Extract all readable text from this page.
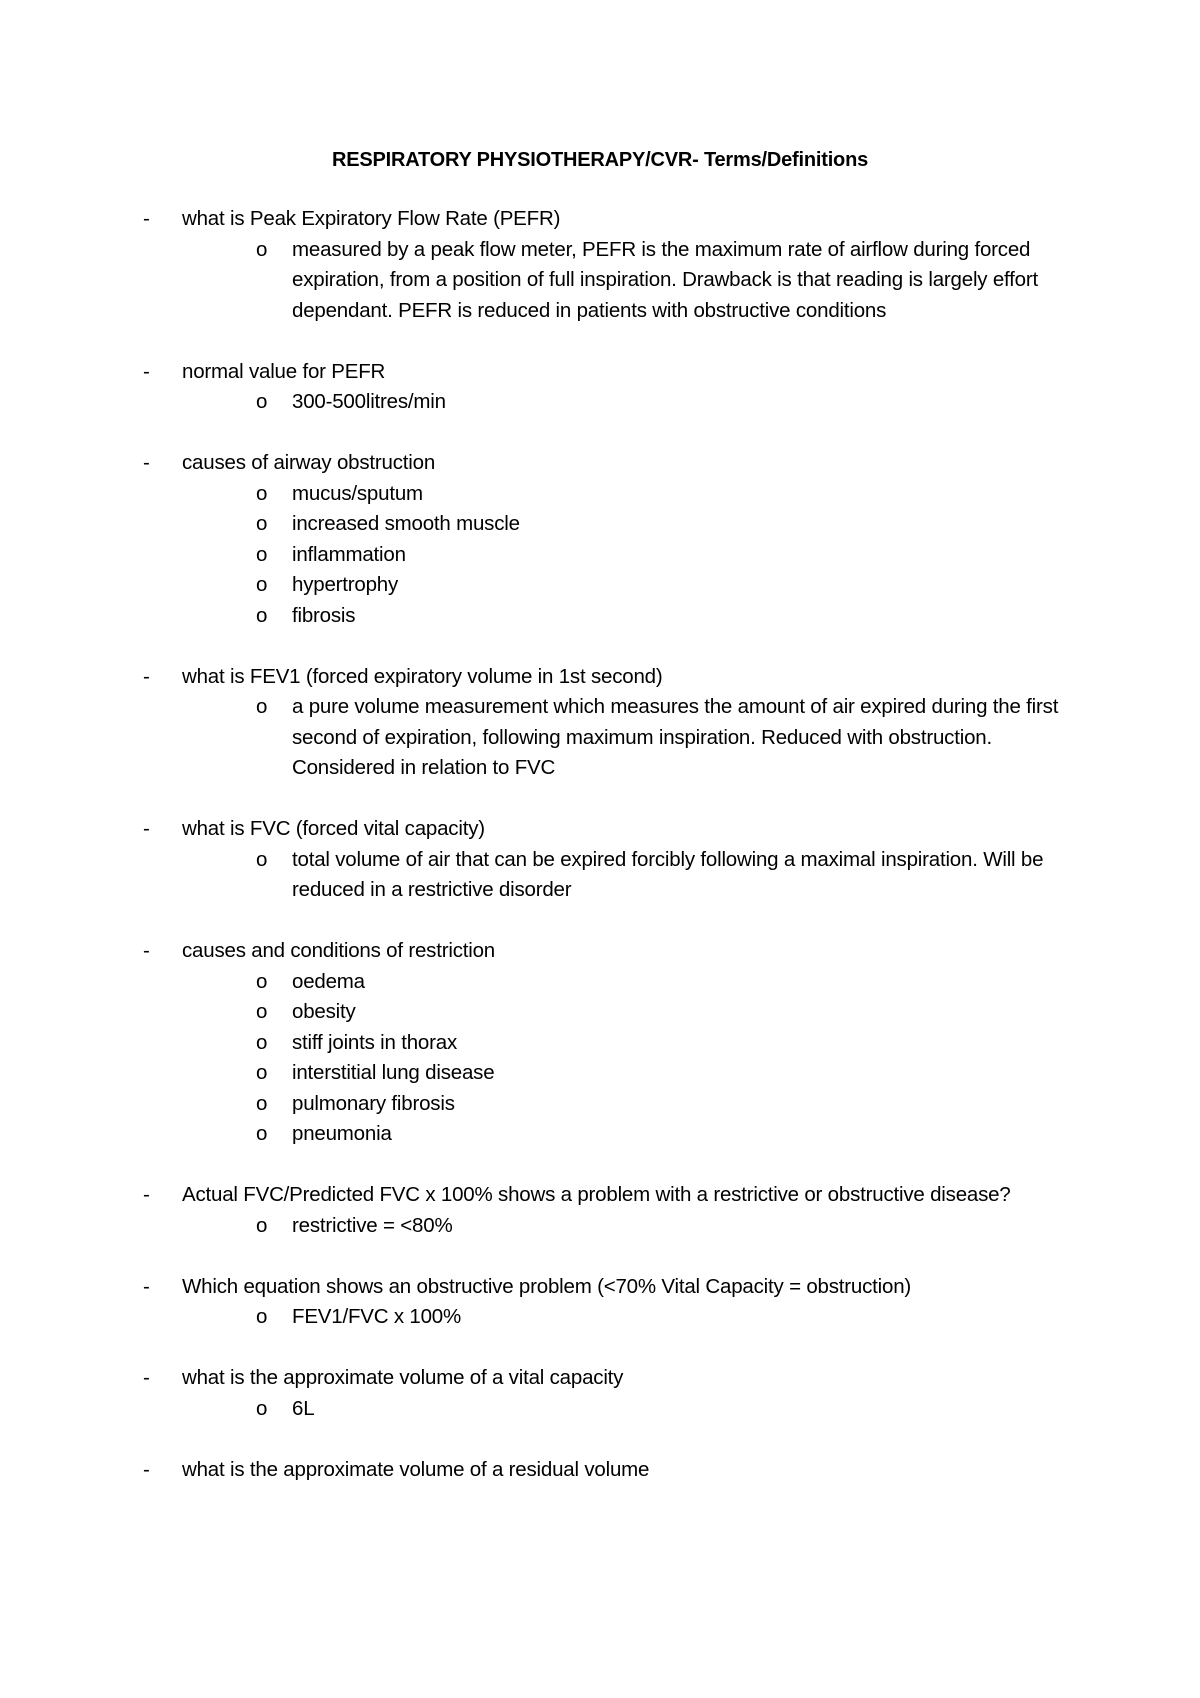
RESPIRATORY PHYSIOTHERAPY/CVR- Terms/Definitions
- what is Peak Expiratory Flow Rate (PEFR)
o measured by a peak flow meter, PEFR is the maximum rate of airflow during forced expiration, from a position of full inspiration. Drawback is that reading is largely effort dependant. PEFR is reduced in patients with obstructive conditions
- normal value for PEFR
o 300-500litres/min
- causes of airway obstruction
o mucus/sputum
o increased smooth muscle
o inflammation
o hypertrophy
o fibrosis
- what is FEV1 (forced expiratory volume in 1st second)
o a pure volume measurement which measures the amount of air expired during the first second of expiration, following maximum inspiration. Reduced with obstruction. Considered in relation to FVC
- what is FVC (forced vital capacity)
o total volume of air that can be expired forcibly following a maximal inspiration. Will be reduced in a restrictive disorder
- causes and conditions of restriction
o oedema
o obesity
o stiff joints in thorax
o interstitial lung disease
o pulmonary fibrosis
o pneumonia
- Actual FVC/Predicted FVC x 100% shows a problem with a restrictive or obstructive disease?
o restrictive = <80%
- Which equation shows an obstructive problem (<70% Vital Capacity = obstruction)
o FEV1/FVC x 100%
- what is the approximate volume of a vital capacity
o 6L
- what is the approximate volume of a residual volume
